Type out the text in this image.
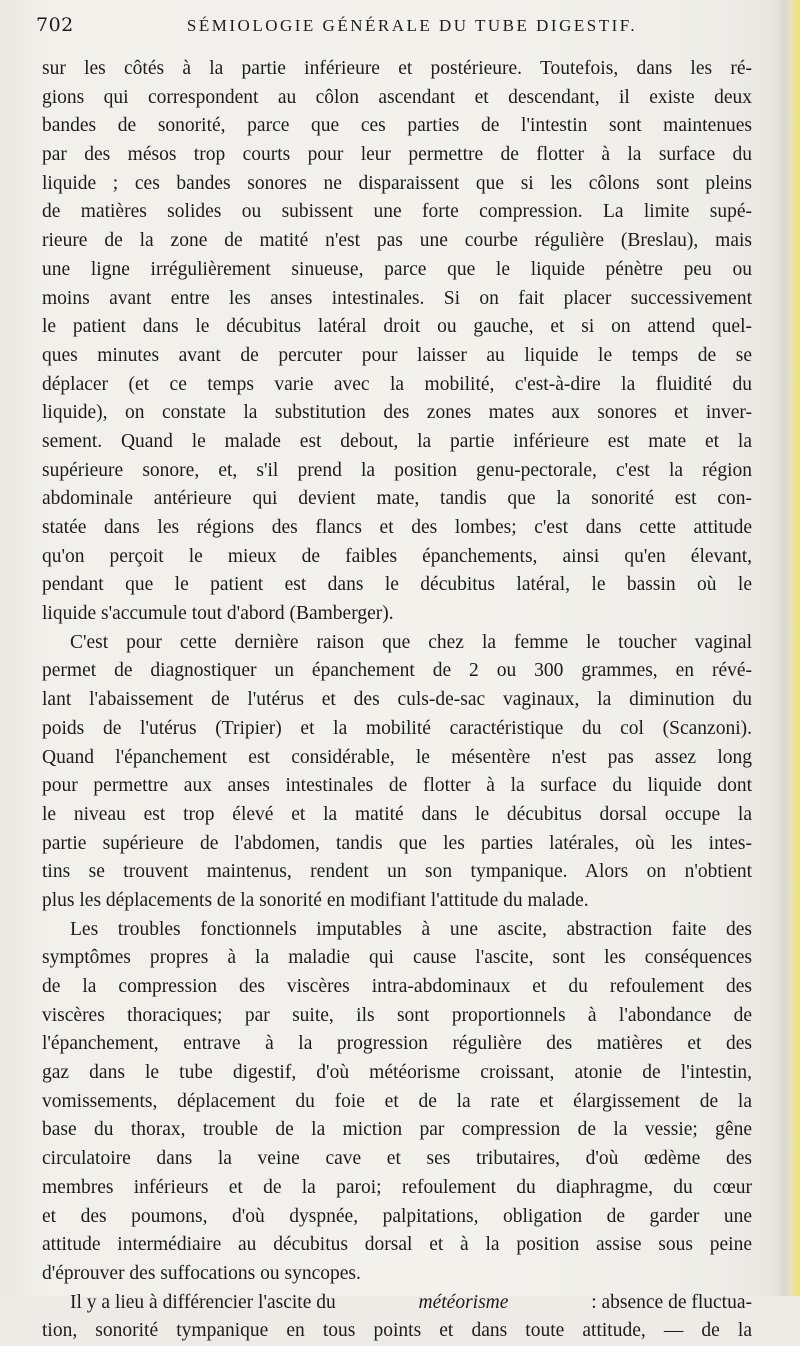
702	SÉMIOLOGIE GÉNÉRALE DU TUBE DIGESTIF.
sur les côtés à la partie inférieure et postérieure. Toutefois, dans les ré-
gions qui correspondent au côlon ascendant et descendant, il existe deux
bandes de sonorité, parce que ces parties de l'intestin sont maintenues
par des mésos trop courts pour leur permettre de flotter à la surface du
liquide ; ces bandes sonores ne disparaissent que si les côlons sont pleins
de matières solides ou subissent une forte compression. La limite supé-
rieure de la zone de matité n'est pas une courbe régulière (Breslau), mais
une ligne irrégulièrement sinueuse, parce que le liquide pénètre peu ou
moins avant entre les anses intestinales. Si on fait placer successivement
le patient dans le décubitus latéral droit ou gauche, et si on attend quel-
ques minutes avant de percuter pour laisser au liquide le temps de se
déplacer (et ce temps varie avec la mobilité, c'est-à-dire la fluidité du
liquide), on constate la substitution des zones mates aux sonores et inver-
sement. Quand le malade est debout, la partie inférieure est mate et la
supérieure sonore, et, s'il prend la position genu-pectorale, c'est la région
abdominale antérieure qui devient mate, tandis que la sonorité est con-
statée dans les régions des flancs et des lombes; c'est dans cette attitude
qu'on perçoit le mieux de faibles épanchements, ainsi qu'en élevant,
pendant que le patient est dans le décubitus latéral, le bassin où le
liquide s'accumule tout d'abord (Bamberger).
C'est pour cette dernière raison que chez la femme le toucher vaginal
permet de diagnostiquer un épanchement de 2 ou 300 grammes, en révé-
lant l'abaissement de l'utérus et des culs-de-sac vaginaux, la diminution du
poids de l'utérus (Tripier) et la mobilité caractéristique du col (Scanzoni).
Quand l'épanchement est considérable, le mésentère n'est pas assez long
pour permettre aux anses intestinales de flotter à la surface du liquide dont
le niveau est trop élevé et la matité dans le décubitus dorsal occupe la
partie supérieure de l'abdomen, tandis que les parties latérales, où les intes-
tins se trouvent maintenus, rendent un son tympanique. Alors on n'obtient
plus les déplacements de la sonorité en modifiant l'attitude du malade.
Les troubles fonctionnels imputables à une ascite, abstraction faite des
symptômes propres à la maladie qui cause l'ascite, sont les conséquences
de la compression des viscères intra-abdominaux et du refoulement des
viscères thoraciques; par suite, ils sont proportionnels à l'abondance de
l'épanchement, entrave à la progression régulière des matières et des
gaz dans le tube digestif, d'où météorisme croissant, atonie de l'intestin,
vomissements, déplacement du foie et de la rate et élargissement de la
base du thorax, trouble de la miction par compression de la vessie; gêne
circulatoire dans la veine cave et ses tributaires, d'où œdème des
membres inférieurs et de la paroi; refoulement du diaphragme, du cœur
et des poumons, d'où dyspnée, palpitations, obligation de garder une
attitude intermédiaire au décubitus dorsal et à la position assise sous peine
d'éprouver des suffocations ou syncopes.
Il y a lieu à différencier l'ascite du	météorisme	: absence de fluctua-
tion, sonorité tympanique en tous points et dans toute attitude, — de la
